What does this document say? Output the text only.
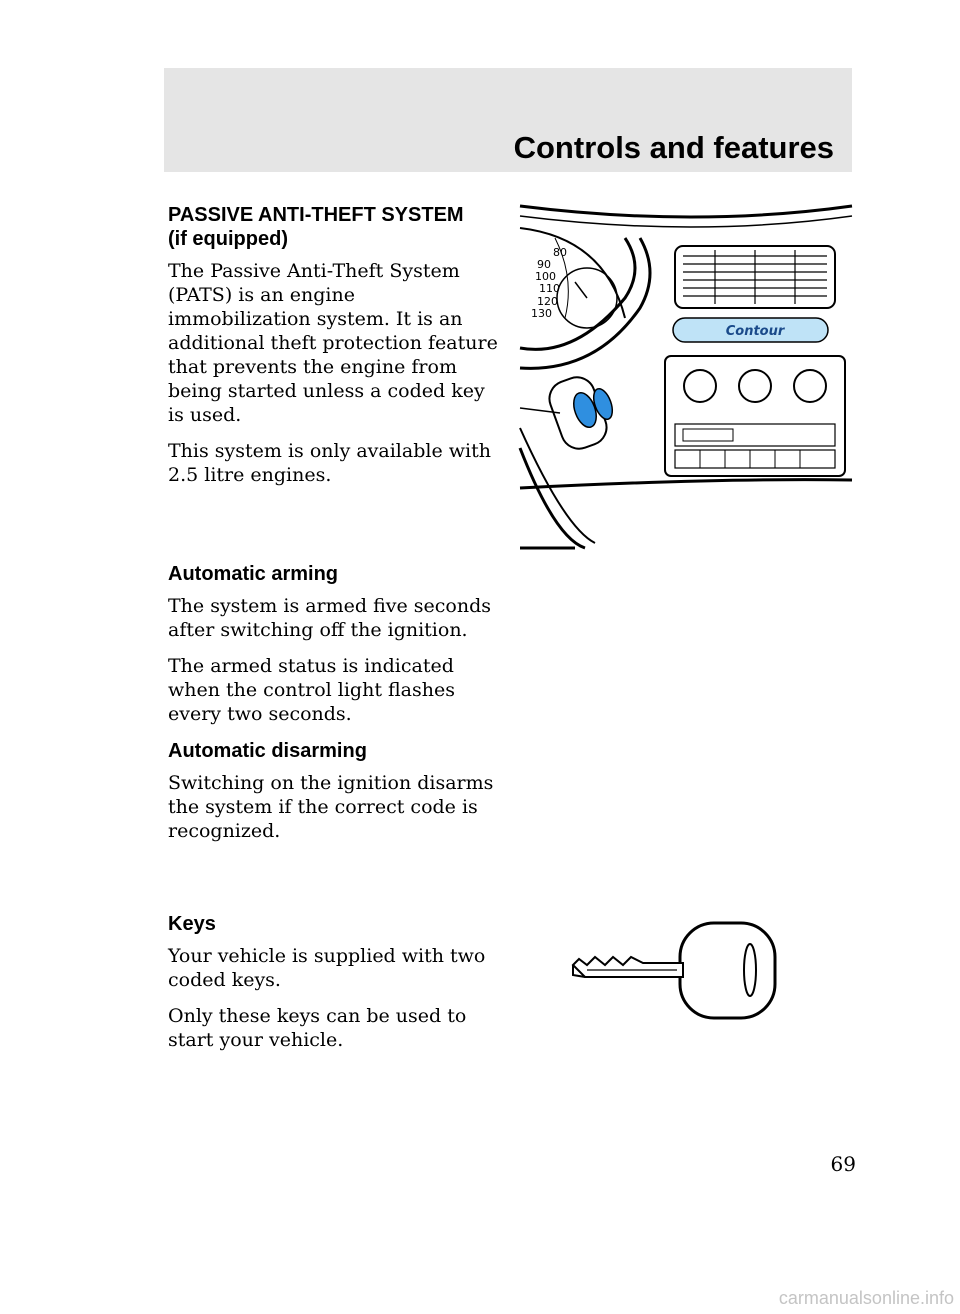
Controls and features
PASSIVE ANTI-THEFT SYSTEM
(if equipped)

The Passive Anti-Theft System (PATS) is an engine immobilization system. It is an additional theft protection feature that prevents the engine from being started unless a coded key is used.

This system is only available with 2.5 litre engines.

Automatic arming

The system is armed five seconds after switching off the ignition.

The armed status is indicated when the control light flashes every two seconds.

Automatic disarming

Switching on the ignition disarms the system if the correct code is recognized.

Keys

Your vehicle is supplied with two coded keys.

Only these keys can be used to start your vehicle.

80
90
100
110
120
130
Contour
69
carmanualsonline.info
